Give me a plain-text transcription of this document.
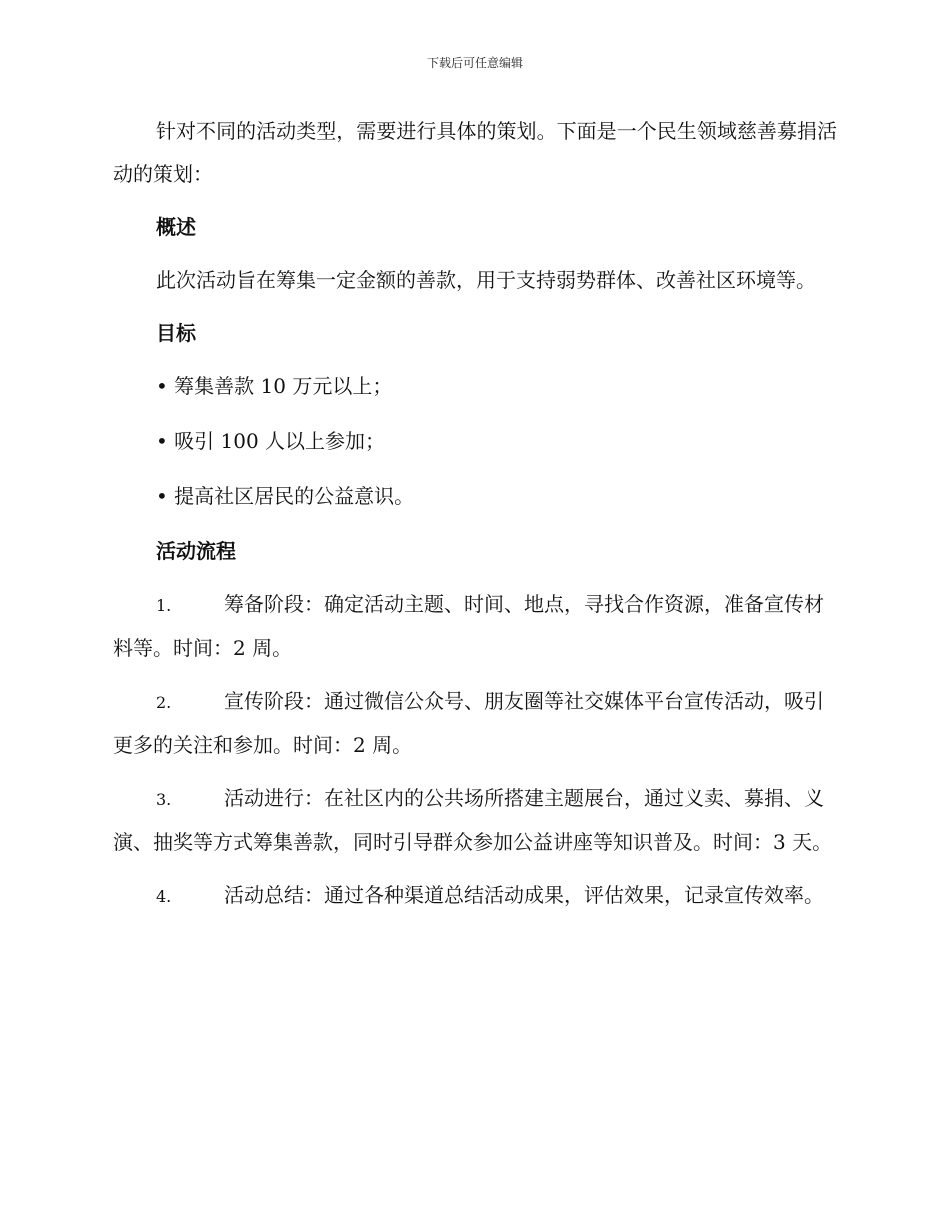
下载后可任意编辑

针对不同的活动类型，需要进行具体的策划。下面是一个民生领域慈善募捐活动的策划：

概述

此次活动旨在筹集一定金额的善款，用于支持弱势群体、改善社区环境等。

目标
• 筹集善款 10 万元以上；
• 吸引 100 人以上参加；
• 提高社区居民的公益意识。
活动流程

1.	筹备阶段：确定活动主题、时间、地点，寻找合作资源，准备宣传材料等。时间：2 周。

2.	宣传阶段：通过微信公众号、朋友圈等社交媒体平台宣传活动，吸引更多的关注和参加。时间：2 周。

3.	活动进行：在社区内的公共场所搭建主题展台，通过义卖、募捐、义演、抽奖等方式筹集善款，同时引导群众参加公益讲座等知识普及。时间：3 天。

4.	活动总结：通过各种渠道总结活动成果，评估效果，记录宣传效率。
